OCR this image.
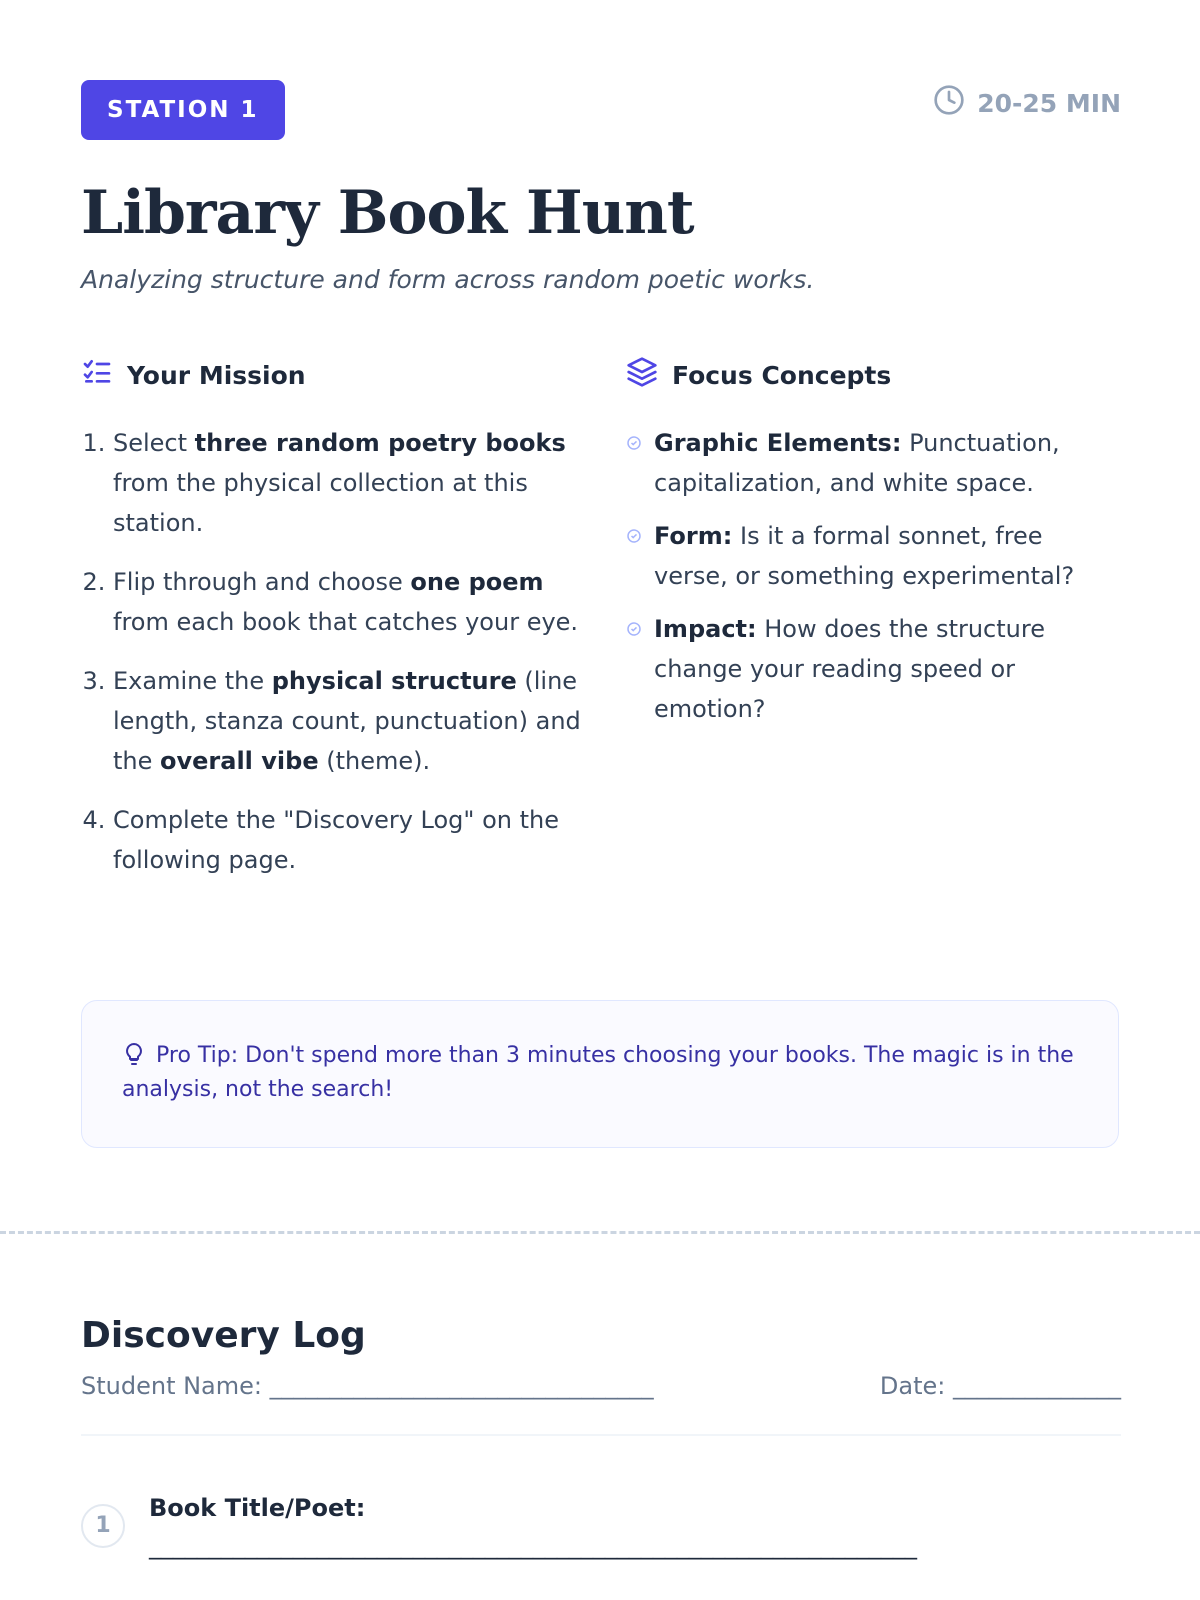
STATION 1	20-25 MIN
Library Book Hunt

Analyzing structure and form across random poetic works.

Your Mission
1. Select three random poetry books from the physical collection at this station.
2. Flip through and choose one poem from each book that catches your eye.
3. Examine the physical structure (line length, stanza count, punctuation) and the overall vibe (theme).
4. Complete the "Discovery Log" on the following page.
Focus Concepts
Graphic Elements: Punctuation, capitalization, and white space.
Form: Is it a formal sonnet, free verse, or something experimental?
Impact: How does the structure change your reading speed or emotion?
Pro Tip: Don't spend more than 3 minutes choosing your books. The magic is in the analysis, not the search!
Discovery Log
Student Name: ________________________________	Date: ______________
1
Book Title/Poet:
________________________________________________________________
